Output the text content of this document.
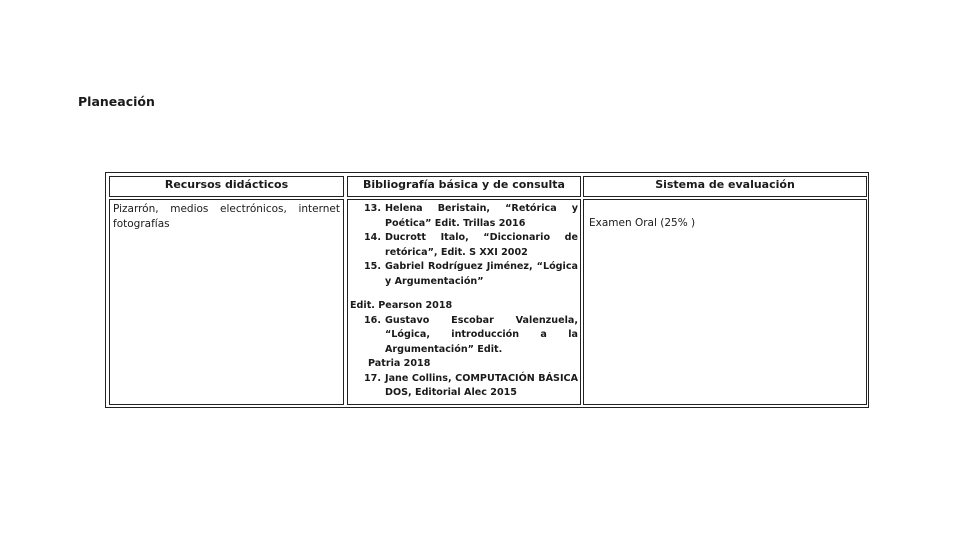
Planeación
Recursos didácticos	Bibliografía básica y de consulta	Sistema de evaluación
Pizarrón, medios electrónicos, internet fotografías
13. Helena Beristain, “Retórica y Poética” Edit. Trillas 2016
14. Ducrott Italo, “Diccionario de retórica”, Edit. S XXI 2002
15. Gabriel Rodríguez Jiménez, “Lógica y Argumentación”
Edit. Pearson 2018
16. Gustavo Escobar Valenzuela, “Lógica, introducción a la Argumentación” Edit.
Patria 2018
17. Jane Collins, COMPUTACIÓN BÁSICA DOS, Editorial Alec 2015
Examen Oral (25% )
